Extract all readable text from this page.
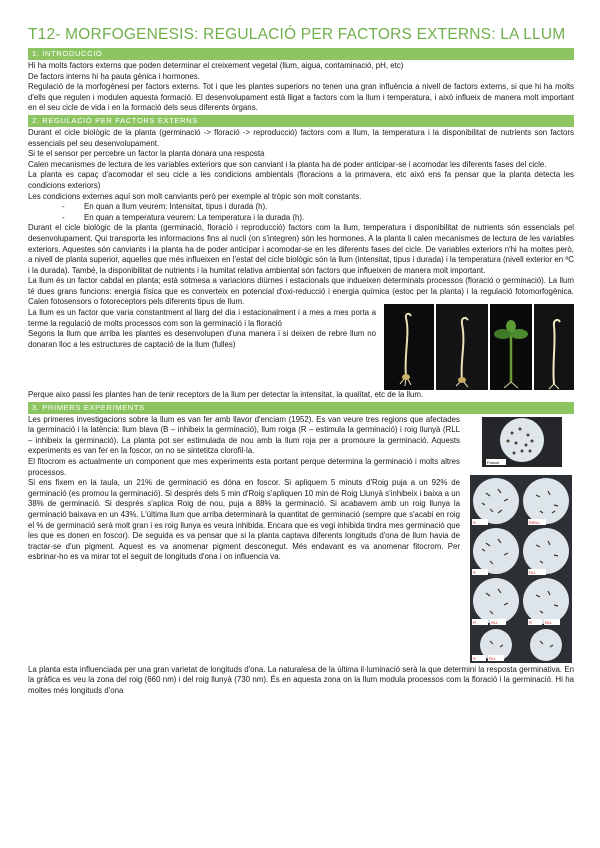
T12- MORFOGENESIS: REGULACIÓ PER FACTORS EXTERNS: LA LLUM
1. INTRODUCCIÓ

Hi ha molts factors externs que poden determinar el creixement vegetal (llum, aigua, contaminació, pH, etc)

De factors interns hi ha pauta gènica i hormones.

Regulació de la morfogènesi per factors externs. Tot i que les plantes superiors no tenen una gran influència a nivell de factors externs, si que hi ha molts d'ells que regulen i modulen aquesta formació. El desenvolupament està lligat a factors com la llum i temperatura, i això influeix de manera molt important en el seu cicle de vida i en la formació dels seus diferents òrgans.

2. REGULACIÓ PER FACTORS EXTERNS

Durant el cicle biològic de la planta (germinació -> floració -> reproducció) factors com a llum, la temperatura i la disponibilitat de nutrients son factors essencials pel seu desenvolupament.

Si te el sensor per percebre un factor la planta donara una resposta

Calen mecanismes de lectura de les variables exteriors que son canviant i la planta ha de poder anticipar-se i acomodar les diferents fases del cicle.

La planta es capaç d'acomodar el seu cicle a les condicions ambientals (floracions a la primavera, etc això ens fa pensar que la planta detecta les condicions exteriors)

Les condicions externes aquí son molt canviants però per exemple al tròpic son molt constants.

- En quan a llum veurem: Intensitat, tipus i durada (h).
- En quan a temperatura veurem: La temperatura i la durada (h).

Durant el cicle biològic de la planta (germinació, floració i reproducció) factors com la llum, temperatura i disponibilitat de nutrients són essencials pel desenvolupament. Qui transporta les informacions fins al nucli (on s'integren) són les hormones. A la planta li calen mecanismes de lectura de les variables exteriors. Aquestes són canviants i la planta ha de poder anticipar i acomodar-se en les diferents fases del cicle. De variables exteriors n'hi ha moltes però, a nivell de planta superior, aquelles que més influeixen en l'estat del cicle biològic són la llum (intensitat, tipus i durada) i la temperatura (nivell exterior en ºC i la durada). També, la disponibilitat de nutrients i la humitat relativa ambiental són factors que influeixen de manera molt important.

La llum és un factor cabdal en planta; està sotmesa a variacions diürnes i estacionals que indueixen determinats processos (floració o germinació). La llum té dues grans funcions: energia física que es converteix en potencial d'oxi-reducció i energia química (estoc per la planta) i la regulació fotomorfogènica. Calen fotosensors o fotoreceptors pels diferents tipus de llum.

La llum es un factor que varia constantment al llarg del dia i estacionalment i a mes a mes porta a terme la regulació de molts processos com son la germinació i la floració

Segons la llum que arriba les plantes es desenvolupen d'una manera i si deixen de rebre llum no donaran lloc a les estructures de captació de la llum (fulles)

Perque aixo passi les plantes han de tenir receptors de la llum per detectar la intensitat, la qualitat, etc de la llum.

3. PRIMERS EXPERIMENTS

Les primeres investigacions sobre la llum es van fer amb llavor d'enciam (1952). Es van veure tres regions que afectades la germinació i la latència: llum blava (B – inhibeix la germinació), llum roiga (R – estimula la germinació) i roig llunyà (RLL – inhibeix la germinació). La planta pot ser estimulada de nou amb la llum roja per a promoure la germinació. Aquests experiments es van fer en la foscor, on no se sintetitza clorofil·la.

El fitocrom es actualmente un component que mes experiments esta portant perque determina la germinació i molts altres processos.

Si ens fixem en la taula, un 21% de germinació es dóna en foscor. Si apliquem 5 minuts d'Roig puja a un 92% de germinació (es promou la germinació). Si després dels 5 min d'Roig s'apliquen 10 min de Roig Llunyà s'inhibeix i baixa a un 38% de germinació. Si després s'aplica Roig de nou, puja a 88% la germinació. Si acabavem amb un roig llunya la germinació baixava en un 43%. L'última llum que arriba determinarà la quantitat de germinació (sempre que s'acabi en roig el % de germinació serà molt gran i es roig llunya es veura inhibida. Encara que es vegi inhibida tindra mes germinació que les que es donen en foscor). De seguida es va pensar que si la planta captava diferents longituds d'ona de llum havia de tractar-se d'un pigment. Aquest es va anomenar pigment desconegut. Més endavant es va anomenar fitocrom. Per esbrinar-ho es va mirar tot el seguit de longituds d'ona i on influencia va.

Foscor
R	R/RLL
R	RLL
R	RLL	R	RLL
R	RLL

La planta esta influenciada per una gran varietat de longituds d'ona. La naturalesa de la última il·luminació serà la que determini la resposta germinativa. En la gràfica es veu la zona del roig (660 nm) i del roig llunyà (730 nm). És en aquesta zona on la llum modula processos com la floració i la germinació. Hi ha moltes més longituds d'ona
